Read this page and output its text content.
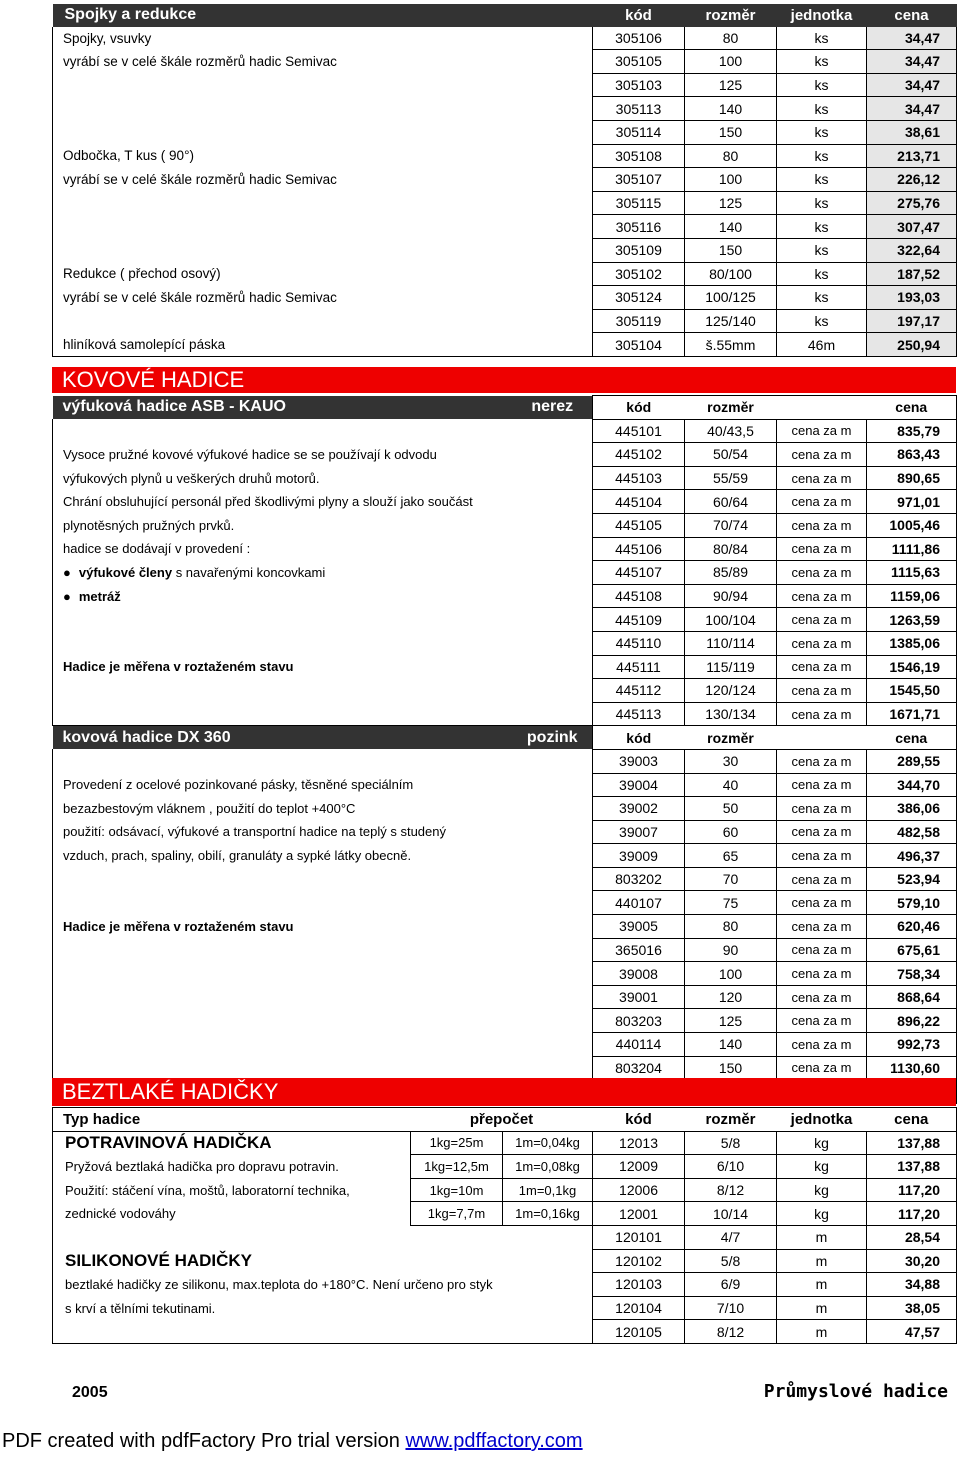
Spojky a redukce	kód	rozměr	jednotka	cena
Spojky, vsuvky	305106	80	ks	34,47
vyrábí se v celé škále rozměrů hadic Semivac	305105	100	ks	34,47
	305103	125	ks	34,47
	305113	140	ks	34,47
	305114	150	ks	38,61
Odbočka, T kus ( 90°)	305108	80	ks	213,71
vyrábí se v celé škále rozměrů hadic Semivac	305107	100	ks	226,12
	305115	125	ks	275,76
	305116	140	ks	307,47
	305109	150	ks	322,64
Redukce ( přechod osový)	305102	80/100	ks	187,52
vyrábí se v celé škále rozměrů hadic Semivac	305124	100/125	ks	193,03
	305119	125/140	ks	197,17
hliníková samolepící páska	305104	š.55mm	46m	250,94
KOVOVÉ HADICE
výfuková hadice ASB - KAUO	nerez	kód	rozměr		cena
		445101	40/43,5	cena za m	835,79
Vysoce pružné kovové výfukové hadice se se používají k odvodu		445102	50/54	cena za m	863,43
výfukových plynů u veškerých druhů motorů.		445103	55/59	cena za m	890,65
Chrání obsluhující personál před škodlivými plyny a slouží jako součást		445104	60/64	cena za m	971,01
plynotěsných pružných prvků.		445105	70/74	cena za m	1005,46
hadice se dodávají v provedení :		445106	80/84	cena za m	1111,86
● výfukové členy s navařenými koncovkami		445107	85/89	cena za m	1115,63
● metráž		445108	90/94	cena za m	1159,06
		445109	100/104	cena za m	1263,59
		445110	110/114	cena za m	1385,06
Hadice je měřena v roztaženém stavu		445111	115/119	cena za m	1546,19
		445112	120/124	cena za m	1545,50
		445113	130/134	cena za m	1671,71
kovová hadice DX 360	pozink	kód	rozměr		cena
		39003	30	cena za m	289,55
Provedení z ocelové pozinkované pásky, těsněné speciálním		39004	40	cena za m	344,70
bezazbestovým vláknem , použití do teplot +400°C		39002	50	cena za m	386,06
použití: odsávací, výfukové a transportní hadice na teplý s studený		39007	60	cena za m	482,58
vzduch, prach, spaliny, obilí, granuláty a sypké látky obecně.		39009	65	cena za m	496,37
		803202	70	cena za m	523,94
		440107	75	cena za m	579,10
Hadice je měřena v roztaženém stavu		39005	80	cena za m	620,46
		365016	90	cena za m	675,61
		39008	100	cena za m	758,34
		39001	120	cena za m	868,64
		803203	125	cena za m	896,22
		440114	140	cena za m	992,73
		803204	150	cena za m	1130,60

BEZTLAKÉ HADIČKY
Typ hadice	přepočet		kód	rozměr	jednotka	cena
POTRAVINOVÁ HADIČKA	1kg=25m	1m=0,04kg	12013	5/8	kg	137,88
Pryžová beztlaká hadička pro dopravu potravin.	1kg=12,5m	1m=0,08kg	12009	6/10	kg	137,88
Použití: stáčení vína, moštů, laboratorní technika,	1kg=10m	1m=0,1kg	12006	8/12	kg	117,20
zednické vodováhy	1kg=7,7m	1m=0,16kg	12001	10/14	kg	117,20
			120101	4/7	m	28,54
SILIKONOVÉ HADIČKY			120102	5/8	m	30,20
beztlaké hadičky ze silikonu, max.teplota do +180°C. Není určeno pro styk			120103	6/9	m	34,88
s krví a tělními tekutinami.			120104	7/10	m	38,05
			120105	8/12	m	47,57
2005	Průmyslové hadice
PDF created with pdfFactory Pro trial version www.pdffactory.com
